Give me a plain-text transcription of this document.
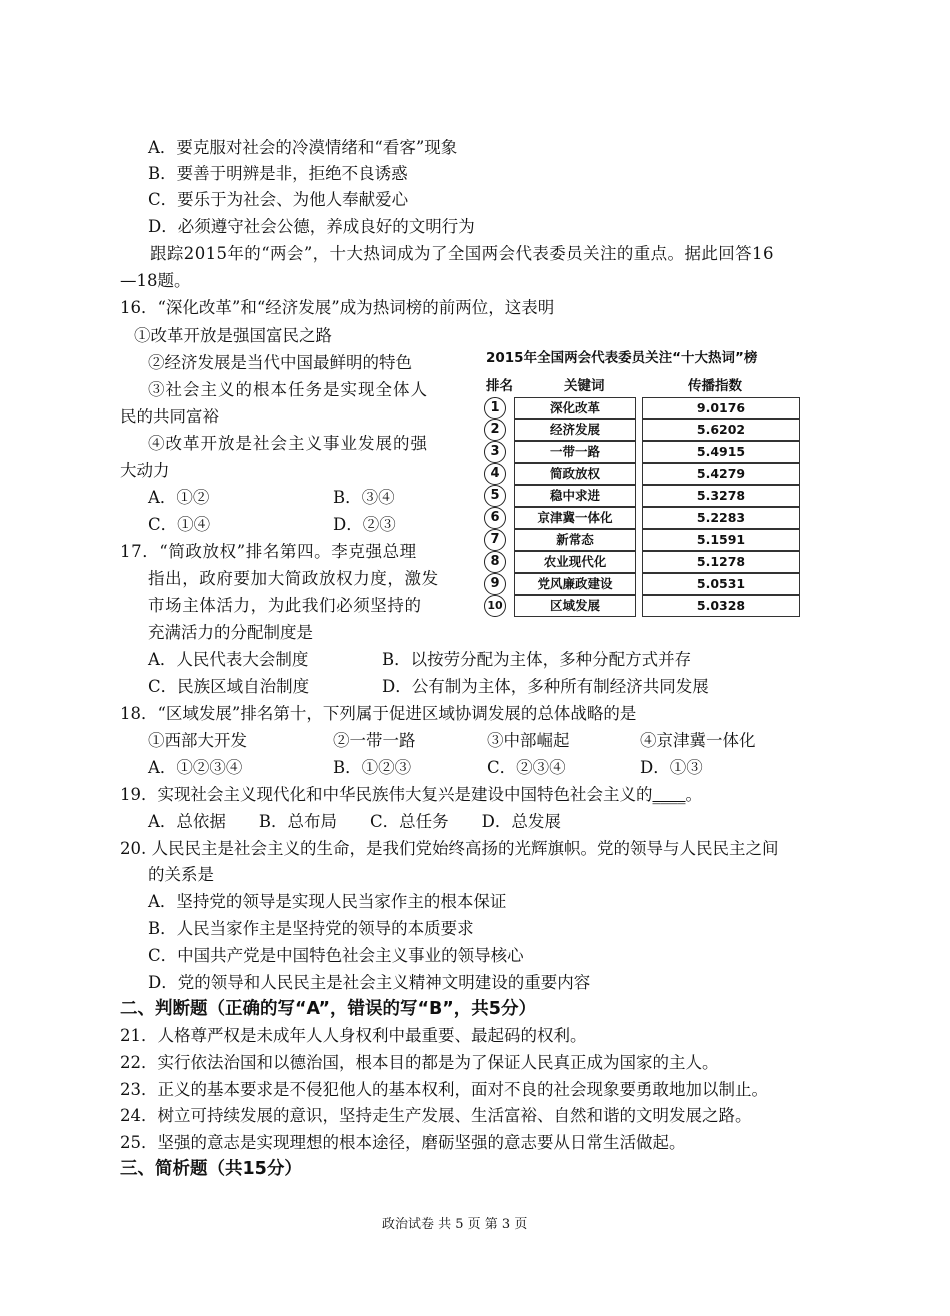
A．要克服对社会的冷漠情绪和“看客”现象
B．要善于明辨是非，拒绝不良诱惑
C．要乐于为社会、为他人奉献爱心
D．必须遵守社会公德，养成良好的文明行为
跟踪2015年的“两会”，十大热词成为了全国两会代表委员关注的重点。据此回答16
—18题。
16．“深化改革”和“经济发展”成为热词榜的前两位，这表明
①改革开放是强国富民之路
②经济发展是当代中国最鲜明的特色
③社会主义的根本任务是实现全体人
民的共同富裕
④改革开放是社会主义事业发展的强
大动力
A．①②	B．③④
C．①④	D．②③
2015年全国两会代表委员关注“十大热词”榜
排名	关键词	传播指数
1	深化改革	9.0176
2	经济发展	5.6202
3	一带一路	5.4915
4	简政放权	5.4279
5	稳中求进	5.3278
6	京津冀一体化	5.2283
7	新常态	5.1591
8	农业现代化	5.1278
9	党风廉政建设	5.0531
10	区域发展	5.0328
17．“简政放权”排名第四。李克强总理
指出，政府要加大简政放权力度，激发
市场主体活力，为此我们必须坚持的
充满活力的分配制度是
A．人民代表大会制度	B．以按劳分配为主体，多种分配方式并存
C．民族区域自治制度	D．公有制为主体，多种所有制经济共同发展
18．“区域发展”排名第十，下列属于促进区域协调发展的总体战略的是
①西部大开发	②一带一路	③中部崛起	④京津冀一体化
A．①②③④	B．①②③	C．②③④	D．①③
19．实现社会主义现代化和中华民族伟大复兴是建设中国特色社会主义的____。
A．总依据　　B．总布局　　C．总任务　　D．总发展
20. 人民民主是社会主义的生命，是我们党始终高扬的光辉旗帜。党的领导与人民民主之间
的关系是
A．坚持党的领导是实现人民当家作主的根本保证
B．人民当家作主是坚持党的领导的本质要求
C．中国共产党是中国特色社会主义事业的领导核心
D．党的领导和人民民主是社会主义精神文明建设的重要内容
二、判断题（正确的写“A”，错误的写“B”，共5分）
21．人格尊严权是未成年人人身权利中最重要、最起码的权利。
22．实行依法治国和以德治国，根本目的都是为了保证人民真正成为国家的主人。
23．正义的基本要求是不侵犯他人的基本权利，面对不良的社会现象要勇敢地加以制止。
24．树立可持续发展的意识，坚持走生产发展、生活富裕、自然和谐的文明发展之路。
25．坚强的意志是实现理想的根本途径，磨砺坚强的意志要从日常生活做起。
三、简析题（共15分）
政治试卷 共 5 页 第 3 页
